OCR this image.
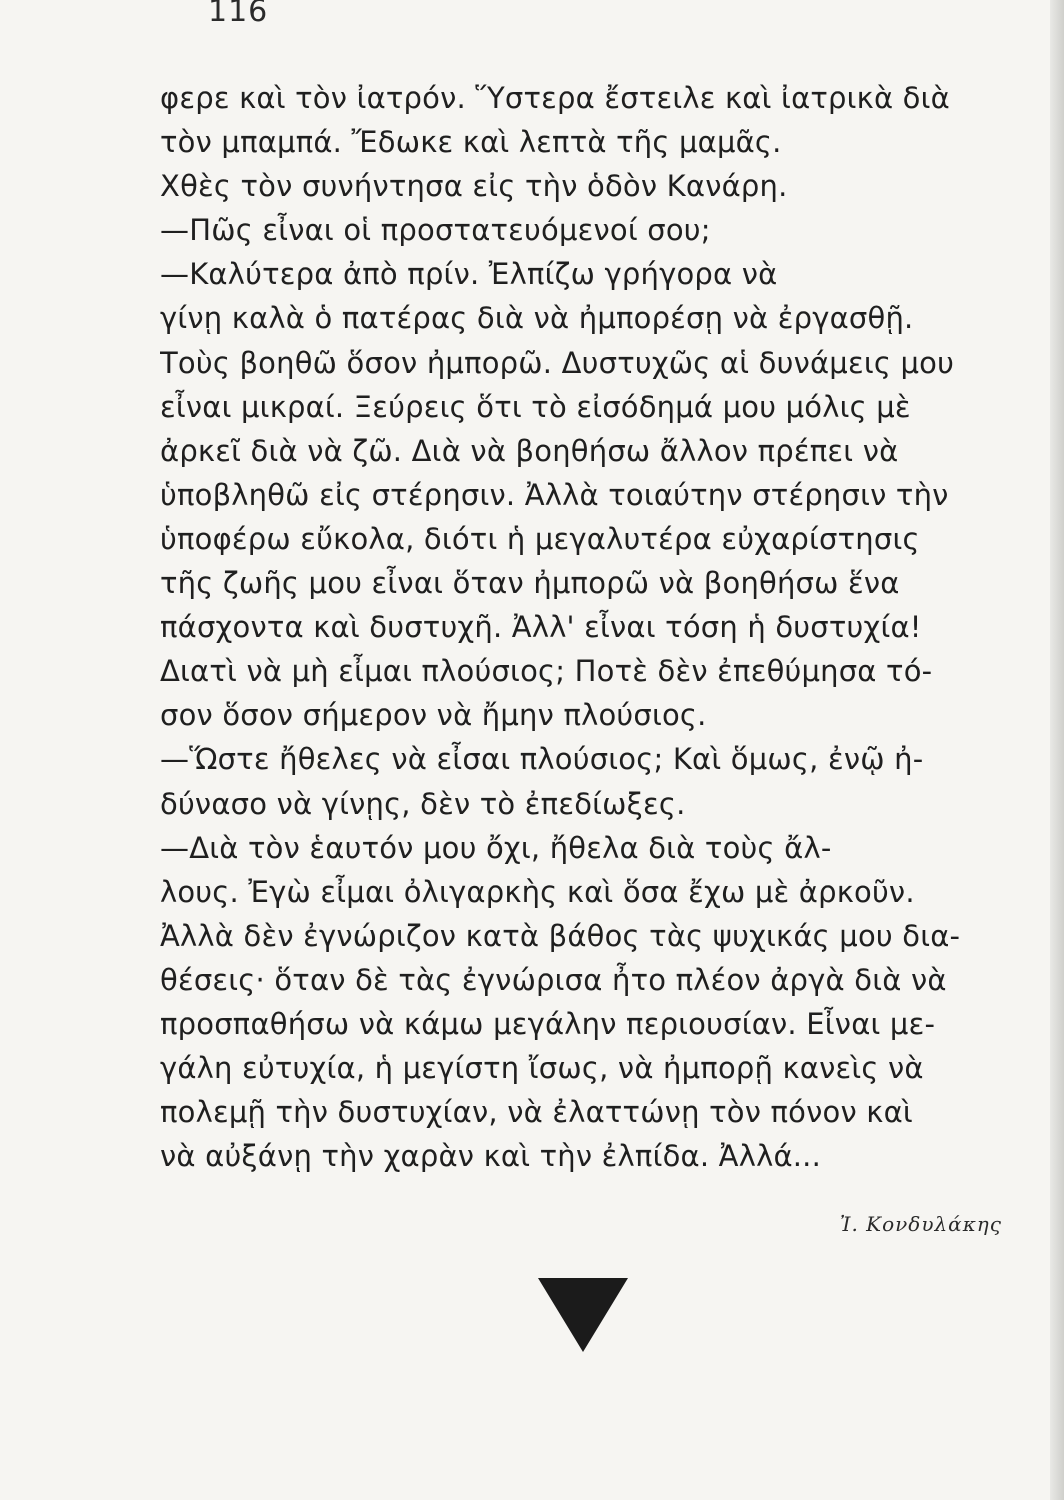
116
φερε καὶ τὸν ἰατρόν. Ὕστερα ἔστειλε καὶ ἰατρικὰ διὰ
τὸν μπαμπά. Ἔδωκε καὶ λεπτὰ τῆς μαμᾶς.
Χθὲς τὸν συνήντησα εἰς τὴν ὁδὸν Κανάρη.
—Πῶς εἶναι οἱ προστατευόμενοί σου;
—Καλύτερα ἀπὸ πρίν. Ἐλπίζω γρήγορα νὰ
γίνῃ καλὰ ὁ πατέρας διὰ νὰ ἠμπορέσῃ νὰ ἐργασθῇ.
Τοὺς βοηθῶ ὅσον ἠμπορῶ. Δυστυχῶς αἱ δυνάμεις μου
εἶναι μικραί. Ξεύρεις ὅτι τὸ εἰσόδημά μου μόλις μὲ
ἀρκεῖ διὰ νὰ ζῶ. Διὰ νὰ βοηθήσω ἄλλον πρέπει νὰ
ὑποβληθῶ εἰς στέρησιν. Ἀλλὰ τοιαύτην στέρησιν τὴν
ὑποφέρω εὔκολα, διότι ἡ μεγαλυτέρα εὐχαρίστησις
τῆς ζωῆς μου εἶναι ὅταν ἠμπορῶ νὰ βοηθήσω ἕνα
πάσχοντα καὶ δυστυχῆ. Ἀλλ' εἶναι τόση ἡ δυστυχία!
Διατὶ νὰ μὴ εἶμαι πλούσιος; Ποτὲ δὲν ἐπεθύμησα τό-
σον ὅσον σήμερον νὰ ἤμην πλούσιος.
—Ὥστε ἤθελες νὰ εἶσαι πλούσιος; Καὶ ὅμως, ἐνῷ ἠ-
δύνασο νὰ γίνῃς, δὲν τὸ ἐπεδίωξες.
—Διὰ τὸν ἑαυτόν μου ὄχι, ἤθελα διὰ τοὺς ἄλ-
λους. Ἐγὼ εἶμαι ὀλιγαρκὴς καὶ ὅσα ἔχω μὲ ἀρκοῦν.
Ἀλλὰ δὲν ἐγνώριζον κατὰ βάθος τὰς ψυχικάς μου δια-
θέσεις· ὅταν δὲ τὰς ἐγνώρισα ἦτο πλέον ἀργὰ διὰ νὰ
προσπαθήσω νὰ κάμω μεγάλην περιουσίαν. Εἶναι με-
γάλη εὐτυχία, ἡ μεγίστη ἴσως, νὰ ἠμπορῇ κανεὶς νὰ
πολεμῇ τὴν δυστυχίαν, νὰ ἐλαττώνῃ τὸν πόνον καὶ
νὰ αὐξάνῃ τὴν χαρὰν καὶ τὴν ἐλπίδα. Ἀλλά...
Ἰ. Κονδυλάκης
